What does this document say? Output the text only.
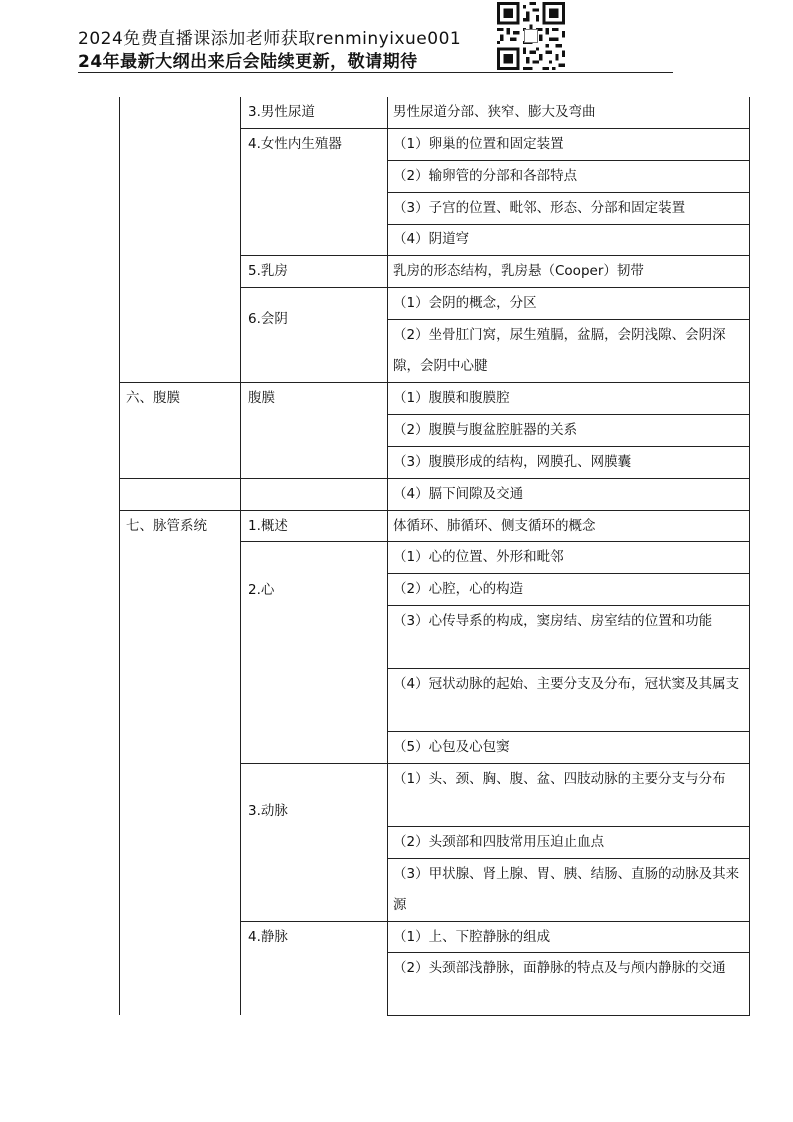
2024免费直播课添加老师获取renminyixue001
24年最新大纲出来后会陆续更新，敬请期待
六、腹膜
七、脉管系统
3.男性尿道
4.女性内生殖器
5.乳房
6.会阴
腹膜
1.概述
2.心
3.动脉
4.静脉
男性尿道分部、狭窄、膨大及弯曲
（1）卵巢的位置和固定装置
（2）输卵管的分部和各部特点
（3）子宫的位置、毗邻、形态、分部和固定装置
（4）阴道穹
乳房的形态结构，乳房悬（Cooper）韧带
（1）会阴的概念，分区
（2）坐骨肛门窝，尿生殖膈，盆膈，会阴浅隙、会阴深隙，会阴中心腱
（1）腹膜和腹膜腔
（2）腹膜与腹盆腔脏器的关系
（3）腹膜形成的结构，网膜孔、网膜囊
（4）膈下间隙及交通
体循环、肺循环、侧支循环的概念
（1）心的位置、外形和毗邻
（2）心腔，心的构造
（3）心传导系的构成，窦房结、房室结的位置和功能
（4）冠状动脉的起始、主要分支及分布，冠状窦及其属支
（5）心包及心包窦
（1）头、颈、胸、腹、盆、四肢动脉的主要分支与分布
（2）头颈部和四肢常用压迫止血点
（3）甲状腺、肾上腺、胃、胰、结肠、直肠的动脉及其来源
（1）上、下腔静脉的组成
（2）头颈部浅静脉，面静脉的特点及与颅内静脉的交通
